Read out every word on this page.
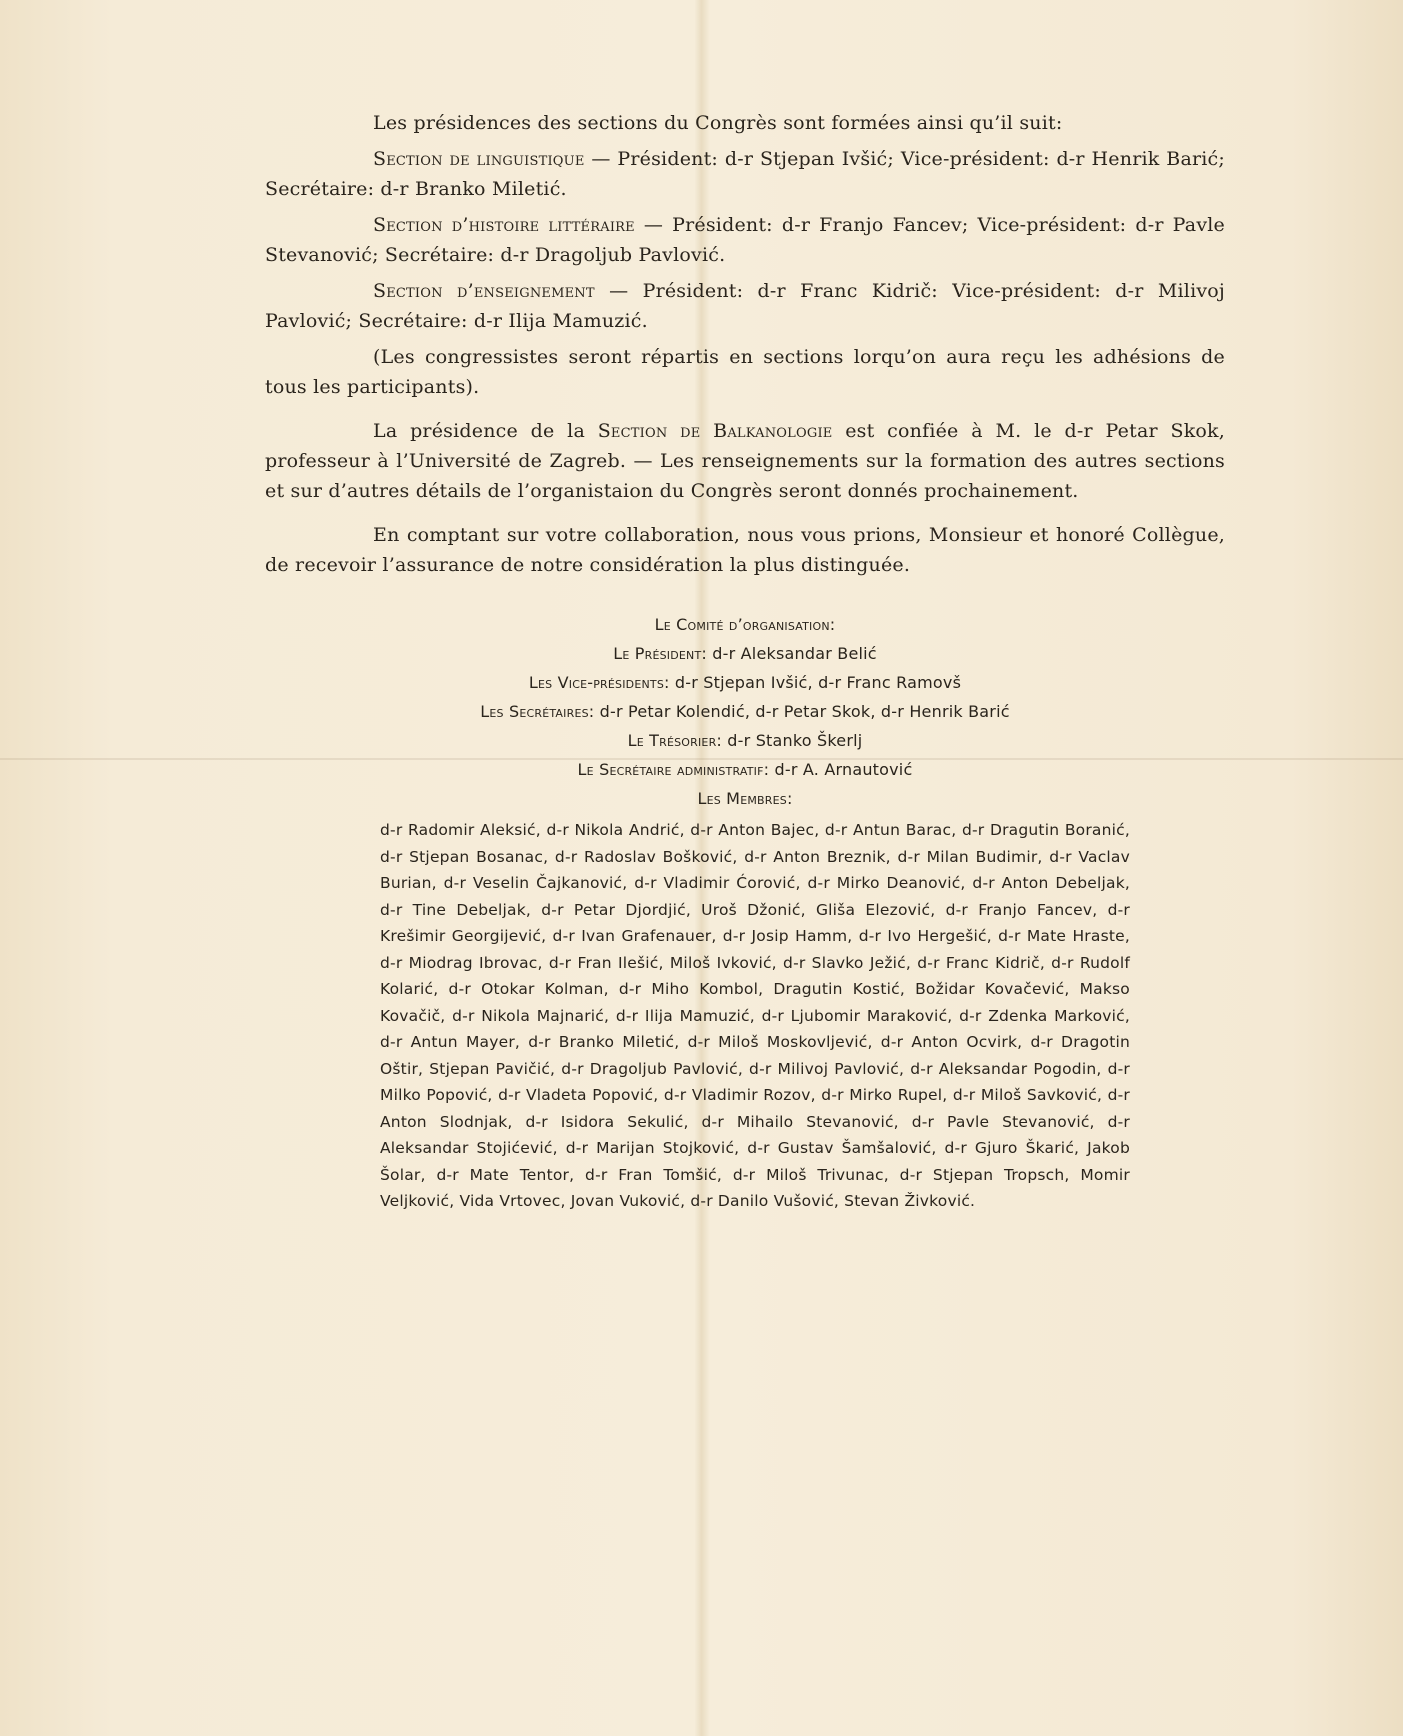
Les présidences des sections du Congrès sont formées ainsi qu’il suit:

Section de linguistique — Président: d-r Stjepan Ivšić; Vice-président: d-r Henrik Barić; Secrétaire: d-r Branko Miletić.

Section d’histoire littéraire — Président: d-r Franjo Fancev; Vice-président: d-r Pavle Stevanović; Secrétaire: d-r Dragoljub Pavlović.

Section d’enseignement — Président: d-r Franc Kidrič: Vice-président: d-r Milivoj Pavlović; Secrétaire: d-r Ilija Mamuzić.

(Les congressistes seront répartis en sections lorqu’on aura reçu les adhésions de tous les participants).

La présidence de la Section de Balkanologie est confiée à M. le d-r Petar Skok, professeur à l’Université de Zagreb. — Les renseignements sur la formation des autres sections et sur d’autres détails de l’organistaion du Congrès seront donnés prochainement.

En comptant sur votre collaboration, nous vous prions, Monsieur et honoré Collègue, de recevoir l’assurance de notre considération la plus distinguée.

Le Comité d’organisation:

Le Président: d-r Aleksandar Belić

Les Vice-présidents: d-r Stjepan Ivšić, d-r Franc Ramovš

Les Secrétaires: d-r Petar Kolendić, d-r Petar Skok, d-r Henrik Barić

Le Trésorier: d-r Stanko Škerlj

Le Secrétaire administratif: d-r A. Arnautović

Les Membres:

d-r Radomir Aleksić, d-r Nikola Andrić, d-r Anton Bajec, d-r Antun Barac, d-r Dragutin Boranić, d-r Stjepan Bosanac, d-r Radoslav Bošković, d-r Anton Breznik, d-r Milan Budimir, d-r Vaclav Burian, d-r Veselin Čajkanović, d-r Vladimir Ćorović, d-r Mirko Deanović, d-r Anton Debeljak, d-r Tine Debeljak, d-r Petar Djordjić, Uroš Džonić, Gliša Elezović, d-r Franjo Fancev, d-r Krešimir Georgijević, d-r Ivan Grafenauer, d-r Josip Hamm, d-r Ivo Hergešić, d-r Mate Hraste, d-r Miodrag Ibrovac, d-r Fran Ilešić, Miloš Ivković, d-r Slavko Ježić, d-r Franc Kidrič, d-r Rudolf Kolarić, d-r Otokar Kolman, d-r Miho Kombol, Dragutin Kostić, Božidar Kovačević, Makso Kovačič, d-r Nikola Majnarić, d-r Ilija Mamuzić, d-r Ljubomir Maraković, d-r Zdenka Marković, d-r Antun Mayer, d-r Branko Miletić, d-r Miloš Moskovljević, d-r Anton Ocvirk, d-r Dragotin Oštir, Stjepan Pavičić, d-r Dragoljub Pavlović, d-r Milivoj Pavlović, d-r Aleksandar Pogodin, d-r Milko Popović, d-r Vladeta Popović, d-r Vladimir Rozov, d-r Mirko Rupel, d-r Miloš Savković, d-r Anton Slodnjak, d-r Isidora Sekulić, d-r Mihailo Stevanović, d-r Pavle Stevanović, d-r Aleksandar Stojićević, d-r Marijan Stojković, d-r Gustav Šamšalović, d-r Gjuro Škarić, Jakob Šolar, d-r Mate Tentor, d-r Fran Tomšić, d-r Miloš Trivunac, d-r Stjepan Tropsch, Momir Veljković, Vida Vrtovec, Jovan Vuković, d-r Danilo Vušović, Stevan Živković.
